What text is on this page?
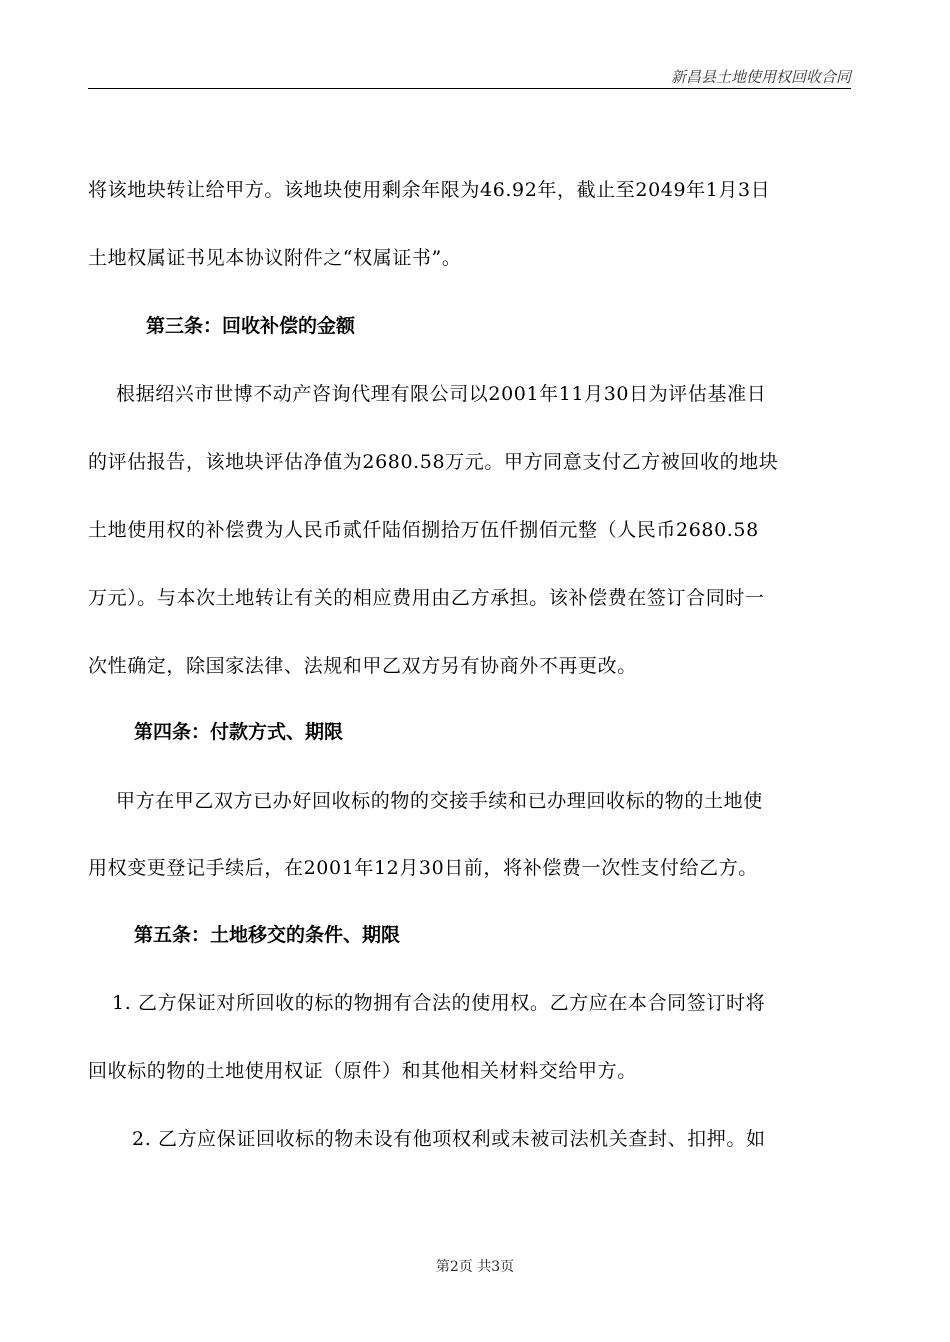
新昌县土地使用权回收合同
将该地块转让给甲方。该地块使用剩余年限为46.92年，截止至2049年1月3日
土地权属证书见本协议附件之“权属证书”。
第三条：回收补偿的金额
根据绍兴市世博不动产咨询代理有限公司以2001年11月30日为评估基准日
的评估报告，该地块评估净值为2680.58万元。甲方同意支付乙方被回收的地块
土地使用权的补偿费为人民币贰仟陆佰捌拾万伍仟捌佰元整（人民币2680.58
万元）。与本次土地转让有关的相应费用由乙方承担。该补偿费在签订合同时一
次性确定，除国家法律、法规和甲乙双方另有协商外不再更改。
第四条：付款方式、期限
甲方在甲乙双方已办好回收标的物的交接手续和已办理回收标的物的土地使
用权变更登记手续后，在2001年12月30日前，将补偿费一次性支付给乙方。
第五条：土地移交的条件、期限
1. 乙方保证对所回收的标的物拥有合法的使用权。乙方应在本合同签订时将
回收标的物的土地使用权证（原件）和其他相关材料交给甲方。
2. 乙方应保证回收标的物未设有他项权利或未被司法机关查封、扣押。如
第2页 共3页
